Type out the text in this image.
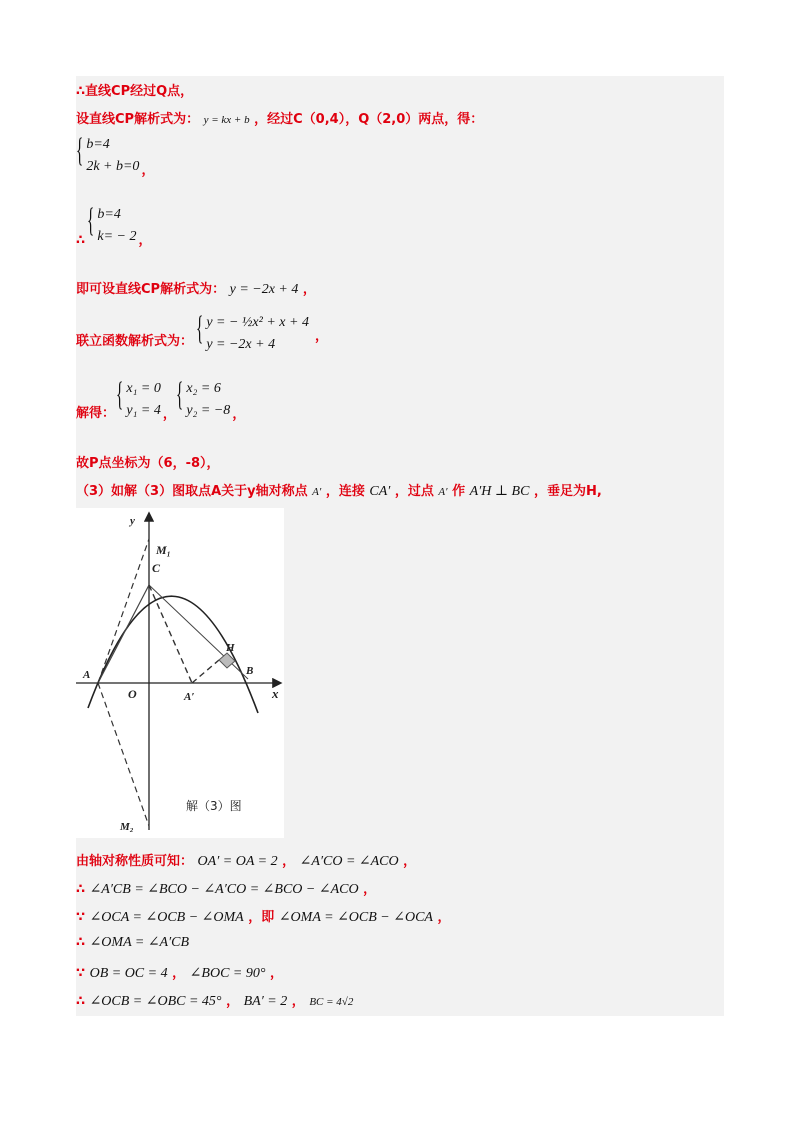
∴直线CP经过Q点，
设直线CP解析式为： y = kx + b ，经过C（0,4），Q（2,0）两点，得：
{ b=4
2k + b=0 ，
∴
{ b=4
k= − 2 ，
即可设直线CP解析式为： y = −2x + 4 ，
联立函数解析式为： { y = − ½x² + x + 4
y = −2x + 4
，
解得：
{ x₁ = 0
y₁ = 4 ，
{ x₂ = 6
y₂ = −8 ，
故P点坐标为（6，-8），
（3）如解（3）图取点A关于y轴对称点 A′ ，连接 CA′ ，过点 A′ 作 A′H ⊥ BC ，垂足为H,
y
x
M₁
C
H
A
O	A′
B
M₂
解（3）图
由轴对称性质可知： OA′ = OA = 2 ， ∠A′CO = ∠ACO ，
∴ ∠A′CB = ∠BCO − ∠A′CO = ∠BCO − ∠ACO ，
∵ ∠OCA = ∠OCB − ∠OMA ，即 ∠OMA = ∠OCB − ∠OCA ，
∴ ∠OMA = ∠A′CB
∵ OB = OC = 4 ， ∠BOC = 90° ，
∴ ∠OCB = ∠OBC = 45° ， BA′ = 2 ， BC = 4√2
